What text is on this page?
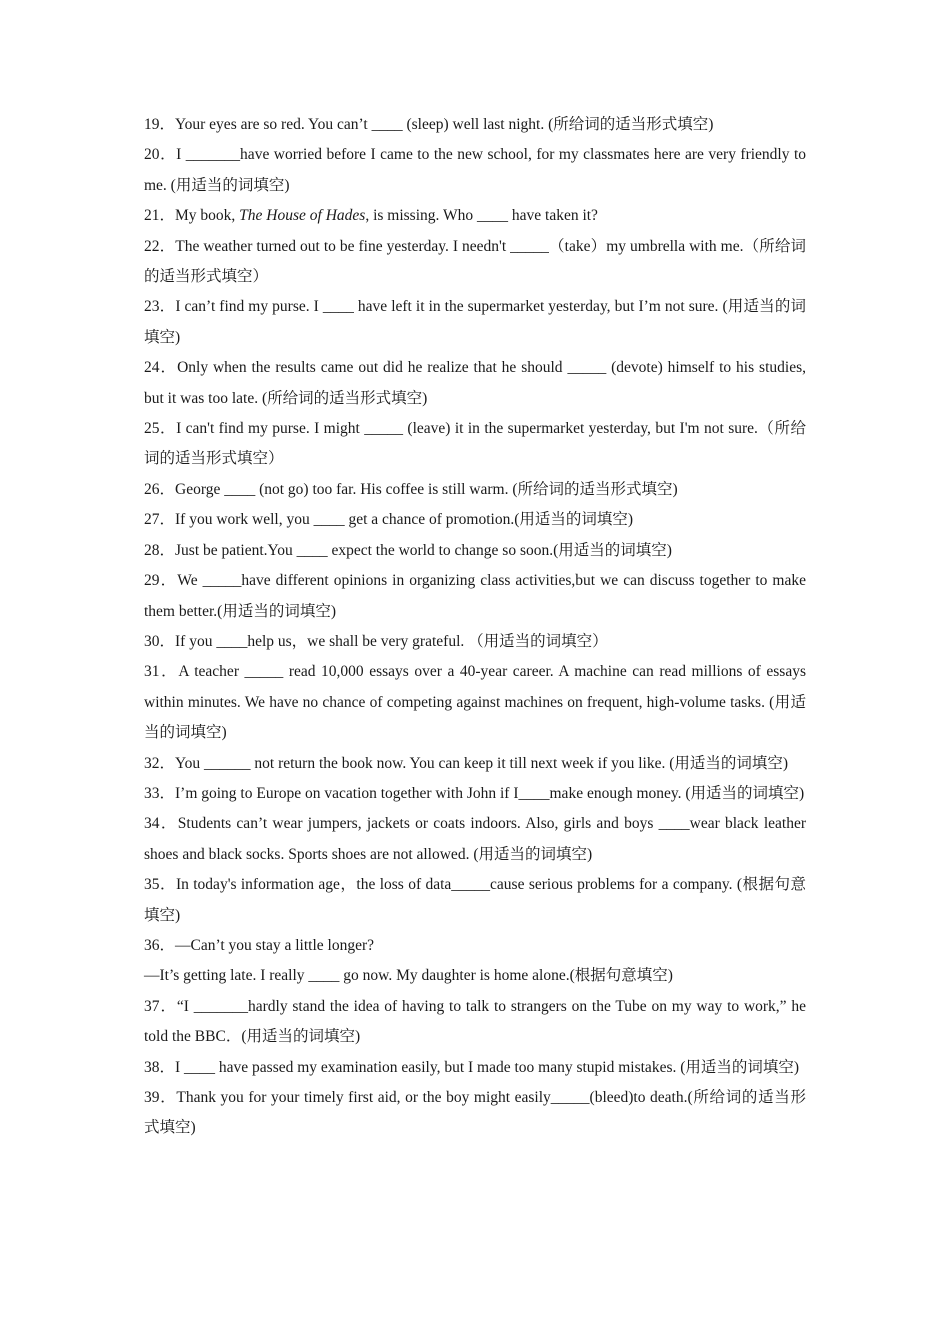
19．Your eyes are so red. You can’t ____ (sleep) well last night. (所给词的适当形式填空)
20．I _______have worried before I came to the new school, for my classmates here are very friendly to me. (用适当的词填空)
21．My book, The House of Hades, is missing. Who ____ have taken it?
22．The weather turned out to be fine yesterday. I needn't _____（take）my umbrella with me.（所给词的适当形式填空）
23．I can’t find my purse. I ____ have left it in the supermarket yesterday, but I’m not sure. (用适当的词填空)
24．Only when the results came out did he realize that he should _____ (devote) himself to his studies, but it was too late. (所给词的适当形式填空)
25．I can't find my purse. I might _____ (leave) it in the supermarket yesterday, but I'm not sure.（所给词的适当形式填空）
26．George ____ (not go) too far. His coffee is still warm. (所给词的适当形式填空)
27．If you work well, you ____ get a chance of promotion.(用适当的词填空)
28．Just be patient.You ____ expect the world to change so soon.(用适当的词填空)
29．We _____have different opinions in organizing class activities,but we can discuss together to make them better.(用适当的词填空)
30．If you ____help us，we shall be very grateful. （用适当的词填空）
31．A teacher _____ read 10,000 essays over a 40-year career. A machine can read millions of essays within minutes. We have no chance of competing against machines on frequent, high-volume tasks. (用适当的词填空)
32．You ______ not return the book now. You can keep it till next week if you like. (用适当的词填空)
33．I’m going to Europe on vacation together with John if I____make enough money. (用适当的词填空)
34．Students can’t wear jumpers, jackets or coats indoors. Also, girls and boys ____wear black leather shoes and black socks. Sports shoes are not allowed. (用适当的词填空)
35．In today's information age，the loss of data_____cause serious problems for a company. (根据句意填空)
36．—Can’t you stay a little longer?
—It’s getting late. I really ____ go now. My daughter is home alone.(根据句意填空)
37．“I _______hardly stand the idea of having to talk to strangers on the Tube on my way to work,” he told the BBC．(用适当的词填空)
38．I ____ have passed my examination easily, but I made too many stupid mistakes. (用适当的词填空)
39．Thank you for your timely first aid, or the boy might easily_____(bleed)to death.(所给词的适当形式填空)
